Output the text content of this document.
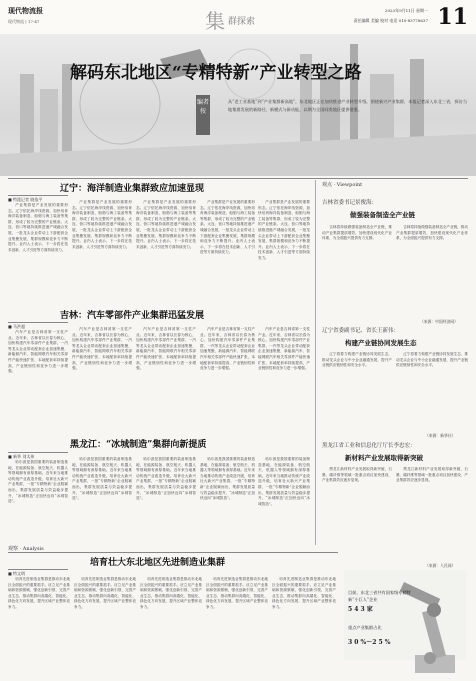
现代物流报
现代物流 | 17-47	集 群探索
2023年9月11日 星期一
责任编辑 美编 校对 电话 010-83778637 11
解码东北地区“专精特新”产业转型之路
编者按
从“老工业基地”到“产业集群新高地”，东北地区正在加快推进产业转型升级。围绕新兴产业集群，本报记者深入东北三省，探访当地集群发展的新路径、新模式与新动能，以期为全国同类地区提供借鉴。
辽宁：海洋制造业集群致应加速显现
■ 特派记者 晓依平

产业集群是产业发展的重要形态。辽宁依托海岸线资源，加快培育海洋装备制造、船舶与海工装备等集群，形成了较为完整的产业链条。大连、营口等地持续推进港产城融合发展，一批龙头企业带动上下游配套企业集聚发展，集群规模和竞争力不断提升。业内人士表示，下一步将在技术创新、人才引进等方面持续发力。

产业集群是产业发展的重要形态。辽宁依托海岸线资源，加快培育海洋装备制造、船舶与海工装备等集群，形成了较为完整的产业链条。大连、营口等地持续推进港产城融合发展，一批龙头企业带动上下游配套企业集聚发展，集群规模和竞争力不断提升。业内人士表示，下一步将在技术创新、人才引进等方面持续发力。

产业集群是产业发展的重要形态。辽宁依托海岸线资源，加快培育海洋装备制造、船舶与海工装备等集群，形成了较为完整的产业链条。大连、营口等地持续推进港产城融合发展，一批龙头企业带动上下游配套企业集聚发展，集群规模和竞争力不断提升。业内人士表示，下一步将在技术创新、人才引进等方面持续发力。

产业集群是产业发展的重要形态。辽宁依托海岸线资源，加快培育海洋装备制造、船舶与海工装备等集群，形成了较为完整的产业链条。大连、营口等地持续推进港产城融合发展，一批龙头企业带动上下游配套企业集聚发展，集群规模和竞争力不断提升。业内人士表示，下一步将在技术创新、人才引进等方面持续发力。

产业集群是产业发展的重要形态。辽宁依托海岸线资源，加快培育海洋装备制造、船舶与海工装备等集群，形成了较为完整的产业链条。大连、营口等地持续推进港产城融合发展，一批龙头企业带动上下游配套企业集聚发展，集群规模和竞争力不断提升。业内人士表示，下一步将在技术创新、人才引进等方面持续发力。

吉林：汽车零部件产业集群迅猛发展
■ 马洪超

汽车产业是吉林省第一支柱产业。近年来，吉林省以长春为核心，加快构建汽车零部件产业集群，一汽等龙头企业带动配套企业加速集聚，新能源汽车、智能网联汽车相关零部件产能快速扩张，本地配套率持续提高，产业链韧性和竞争力进一步增强。

汽车产业是吉林省第一支柱产业。近年来，吉林省以长春为核心，加快构建汽车零部件产业集群，一汽等龙头企业带动配套企业加速集聚，新能源汽车、智能网联汽车相关零部件产能快速扩张，本地配套率持续提高，产业链韧性和竞争力进一步增强。

汽车产业是吉林省第一支柱产业。近年来，吉林省以长春为核心，加快构建汽车零部件产业集群，一汽等龙头企业带动配套企业加速集聚，新能源汽车、智能网联汽车相关零部件产能快速扩张，本地配套率持续提高，产业链韧性和竞争力进一步增强。

汽车产业是吉林省第一支柱产业。近年来，吉林省以长春为核心，加快构建汽车零部件产业集群，一汽等龙头企业带动配套企业加速集聚，新能源汽车、智能网联汽车相关零部件产能快速扩张，本地配套率持续提高，产业链韧性和竞争力进一步增强。

汽车产业是吉林省第一支柱产业。近年来，吉林省以长春为核心，加快构建汽车零部件产业集群，一汽等龙头企业带动配套企业加速集聚，新能源汽车、智能网联汽车相关零部件产能快速扩张，本地配套率持续提高，产业链韧性和竞争力进一步增强。

黑龙江：“冰城制造”集群向新提质
■ 新华 刘太伟

哈尔滨是我国重要的装备制造基地，在能源装备、航空航天、机器人等领域拥有深厚基础。近年来当地推动传统产业改造升级，培育壮大新兴产业集群，一批“专精特新”企业脱颖而出，集群发展质量与效益稳步提升，“冰城制造”正加快迈向“冰城智造”。

哈尔滨是我国重要的装备制造基地，在能源装备、航空航天、机器人等领域拥有深厚基础。近年来当地推动传统产业改造升级，培育壮大新兴产业集群，一批“专精特新”企业脱颖而出，集群发展质量与效益稳步提升，“冰城制造”正加快迈向“冰城智造”。

哈尔滨是我国重要的装备制造基地，在能源装备、航空航天、机器人等领域拥有深厚基础。近年来当地推动传统产业改造升级，培育壮大新兴产业集群，一批“专精特新”企业脱颖而出，集群发展质量与效益稳步提升，“冰城制造”正加快迈向“冰城智造”。

哈尔滨是我国重要的装备制造基地，在能源装备、航空航天、机器人等领域拥有深厚基础。近年来当地推动传统产业改造升级，培育壮大新兴产业集群，一批“专精特新”企业脱颖而出，集群发展质量与效益稳步提升，“冰城制造”正加快迈向“冰城智造”。

哈尔滨是我国重要的装备制造基地，在能源装备、航空航天、机器人等领域拥有深厚基础。近年来当地推动传统产业改造升级，培育壮大新兴产业集群，一批“专精特新”企业脱颖而出，集群发展质量与效益稳步提升，“冰城制造”正加快迈向“冰城智造”。

观察 · Analysis
培育壮大东北地区先进制造业集群
■ 特文明

培育先进制造业集群是推动东北地区全面振兴的重要抓手。应立足产业基础和资源禀赋，强化创新引领，完善产业生态，推动集群向高端化、智能化、绿色化方向发展，提升区域产业整体竞争力。

培育先进制造业集群是推动东北地区全面振兴的重要抓手。应立足产业基础和资源禀赋，强化创新引领，完善产业生态，推动集群向高端化、智能化、绿色化方向发展，提升区域产业整体竞争力。

培育先进制造业集群是推动东北地区全面振兴的重要抓手。应立足产业基础和资源禀赋，强化创新引领，完善产业生态，推动集群向高端化、智能化、绿色化方向发展，提升区域产业整体竞争力。

培育先进制造业集群是推动东北地区全面振兴的重要抓手。应立足产业基础和资源禀赋，强化创新引领，完善产业生态，推动集群向高端化、智能化、绿色化方向发展，提升区域产业整体竞争力。

培育先进制造业集群是推动东北地区全面振兴的重要抓手。应立足产业基础和资源禀赋，强化创新引领，完善产业生态，推动集群向高端化、智能化、绿色化方向发展，提升区域产业整体竞争力。

观点 · Viewpoint
吉林省委书记景俊海：
做强装备制造全产业链

吉林将持续做强装备制造全产业链，推动产业集群提质增效，加快建设现代化产业体系，为全面振兴提供有力支撑。

吉林将持续做强装备制造全产业链，推动产业集群提质增效，加快建设现代化产业体系，为全面振兴提供有力支撑。

（来源：中国经济网）
辽宁省委副书记、省长王新伟：
构建产业链协同发展生态

辽宁将着力构建产业链协同发展生态，推动龙头企业与中小企业融通发展，提升产业链供应链韧性和安全水平。

辽宁将着力构建产业链协同发展生态，推动龙头企业与中小企业融通发展，提升产业链供应链韧性和安全水平。

（来源：新华社）
黑龙江省工业和信息化厅厅长李忠宏：
新材料产业发展取得新突破

黑龙江新材料产业发展取得新突破，石墨、碳纤维等领域一批重点项目加快建设，产业集群效应逐步显现。

黑龙江新材料产业发展取得新突破，石墨、碳纤维等领域一批重点项目加快建设，产业集群效应逐步显现。

（来源：人民网）
目前，东北三省共有国家级专精特新“小巨人”企业
5 4 3 家
重点产业集群占比
3 0 %～2 5 %
